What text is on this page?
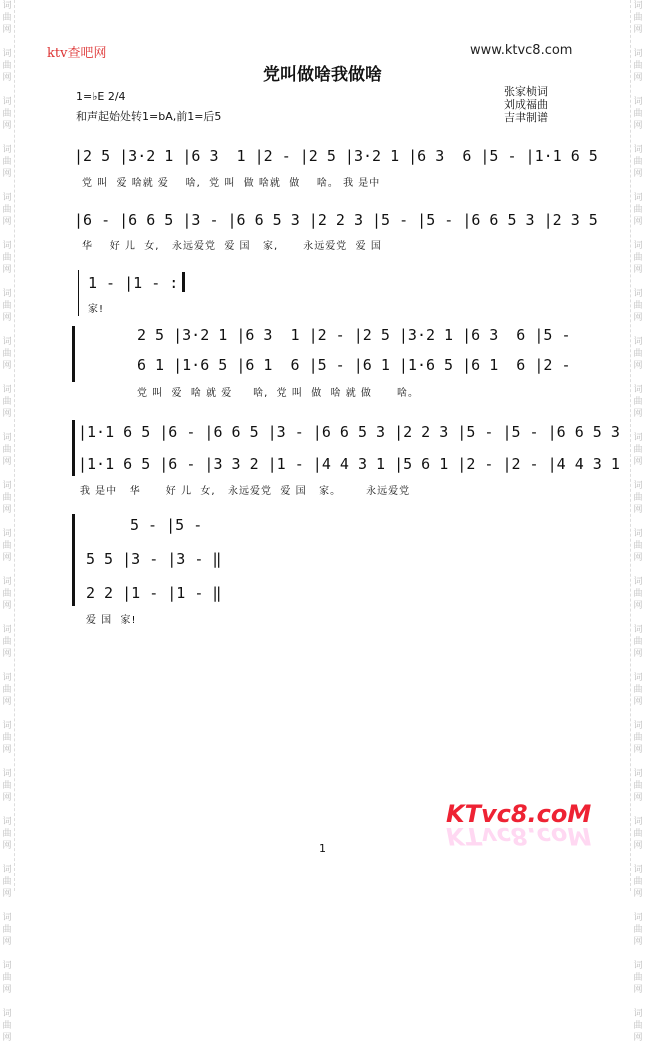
词
曲
网

词
曲
网

词
曲
网

词
曲
网

词
曲
网

词
曲
网

词
曲
网

词
曲
网

词
曲
网

词
曲
网

词
曲
网

词
曲
网

词
曲
网

词
曲
网

词
曲
网

词
曲
网

词
曲
网

词
曲
网

词
曲
网

词
曲
网

词
曲
网

词
曲
网
词
曲
网

词
曲
网

词
曲
网

词
曲
网

词
曲
网

词
曲
网

词
曲
网

词
曲
网

词
曲
网

词
曲
网

词
曲
网

词
曲
网

词
曲
网

词
曲
网

词
曲
网

词
曲
网

词
曲
网

词
曲
网

词
曲
网

词
曲
网

词
曲
网

词
曲
网
ktv查吧网	www.ktvc8.com
党叫做啥我做啥
1=♭E 2/4
和声起始处转1=bA,前1=后5
张家桢词
刘成福曲
吉聿制谱
|2 5 |3·2 1 |6 3  1 |2 - |2 5 |3·2 1 |6 3  6 |5 - |1·1 6 5
党 叫  爱 啥就 爱    啥,  党 叫  做 啥就  做    啥。 我 是中
|6 - |6 6 5 |3 - |6 6 5 3 |2 2 3 |5 - |5 - |6 6 5 3 |2 3 5
华    好 儿  女,   永远爱党  爱 国   家,      永远爱党  爱 国
1 - |1 - :
家!
2 5 |3·2 1 |6 3  1 |2 - |2 5 |3·2 1 |6 3  6 |5 -
6 1 |1·6 5 |6 1  6 |5 - |6 1 |1·6 5 |6 1  6 |2 -
党 叫  爱  啥 就 爱     啥,  党 叫  做  啥 就 做      啥。
|1·1 6 5 |6 - |6 6 5 |3 - |6 6 5 3 |2 2 3 |5 - |5 - |6 6 5 3
|1·1 6 5 |6 - |3 3 2 |1 - |4 4 3 1 |5 6 1 |2 - |2 - |4 4 3 1
我 是中   华      好 儿  女,   永远爱党  爱 国   家。      永远爱党
5 - |5 -
5 5 |3 - |3 - ‖
2 2 |1 - |1 - ‖
爱 国  家!
KTvc8.coM
KTvc8.coM
1
